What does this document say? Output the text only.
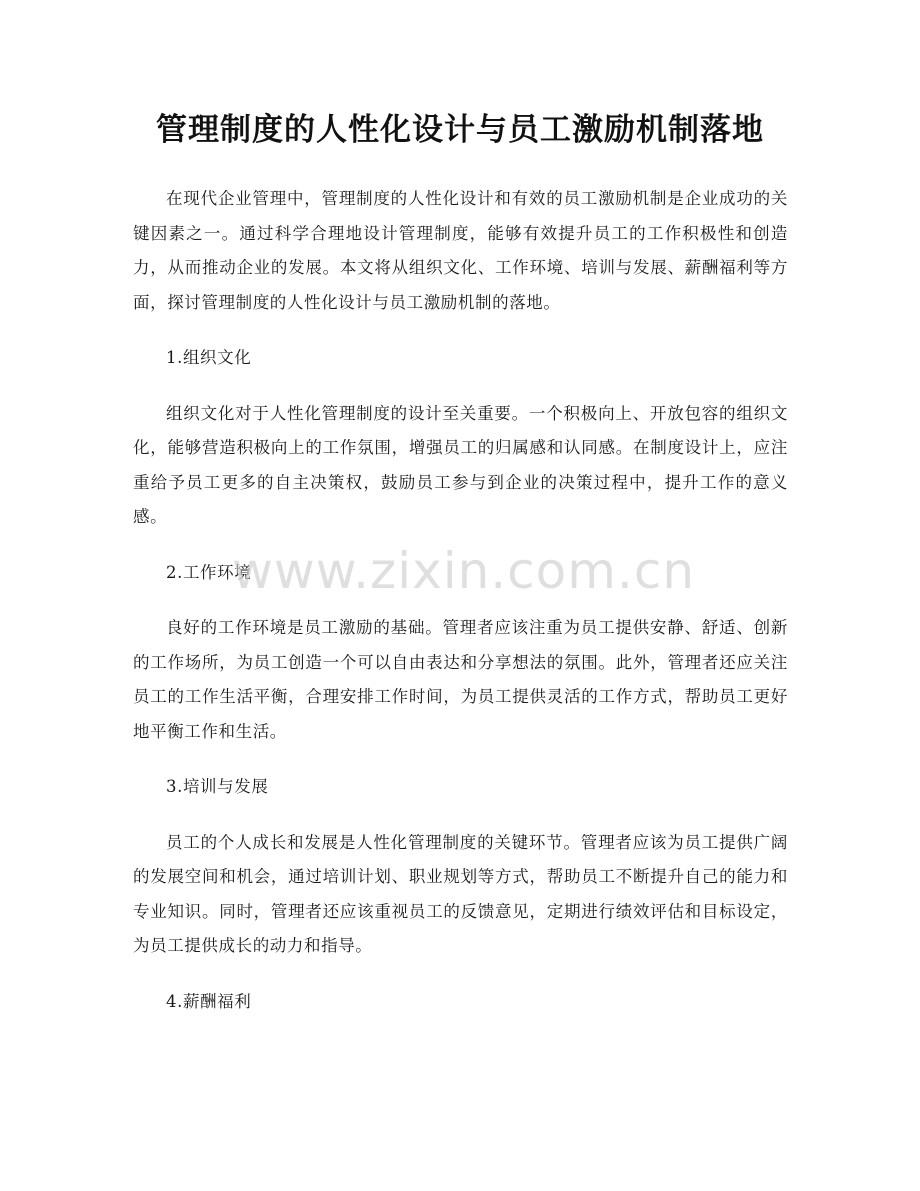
管理制度的人性化设计与员工激励机制落地

在现代企业管理中，管理制度的人性化设计和有效的员工激励机制是企业成功的关键因素之一。通过科学合理地设计管理制度，能够有效提升员工的工作积极性和创造力，从而推动企业的发展。本文将从组织文化、工作环境、培训与发展、薪酬福利等方面，探讨管理制度的人性化设计与员工激励机制的落地。

1.组织文化

组织文化对于人性化管理制度的设计至关重要。一个积极向上、开放包容的组织文化，能够营造积极向上的工作氛围，增强员工的归属感和认同感。在制度设计上，应注重给予员工更多的自主决策权，鼓励员工参与到企业的决策过程中，提升工作的意义感。

2.工作环境

良好的工作环境是员工激励的基础。管理者应该注重为员工提供安静、舒适、创新的工作场所，为员工创造一个可以自由表达和分享想法的氛围。此外，管理者还应关注员工的工作生活平衡，合理安排工作时间，为员工提供灵活的工作方式，帮助员工更好地平衡工作和生活。

3.培训与发展

员工的个人成长和发展是人性化管理制度的关键环节。管理者应该为员工提供广阔的发展空间和机会，通过培训计划、职业规划等方式，帮助员工不断提升自己的能力和专业知识。同时，管理者还应该重视员工的反馈意见，定期进行绩效评估和目标设定，为员工提供成长的动力和指导。

4.薪酬福利

www.zixin.com.cn
